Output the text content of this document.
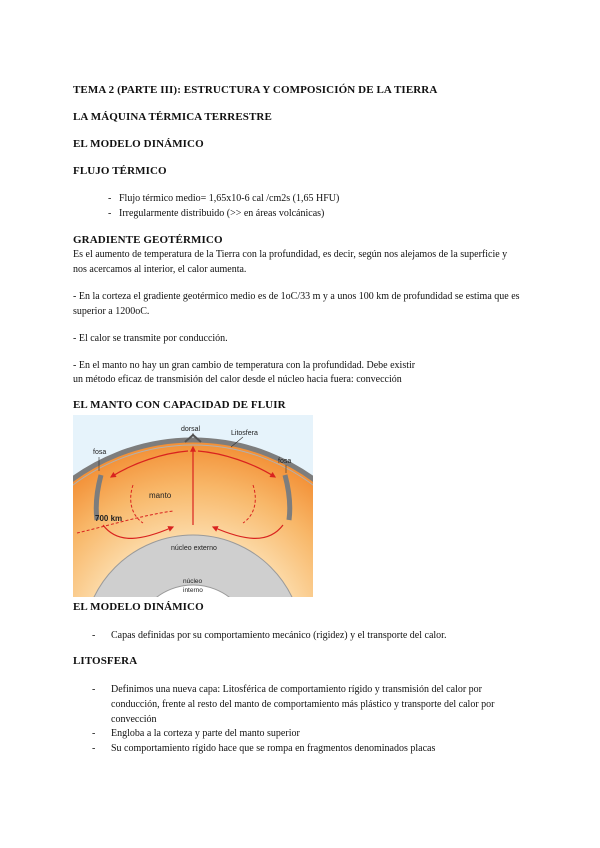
TEMA 2 (PARTE III): ESTRUCTURA Y COMPOSICIÓN DE LA TIERRA
LA MÁQUINA TÉRMICA TERRESTRE
EL MODELO DINÁMICO
FLUJO TÉRMICO
- Flujo térmico medio= 1,65x10-6 cal /cm2s (1,65 HFU)
- Irregularmente distribuido (>> en áreas volcánicas)
GRADIENTE GEOTÉRMICO
Es el aumento de temperatura de la Tierra con la profundidad, es decir, según nos alejamos de la superficie y nos acercamos al interior, el calor aumenta.
- En la corteza el gradiente geotérmico medio es de 1oC/33 m y a unos 100 km de profundidad se estima que es superior a 1200oC.
- El calor se transmite por conducción.
- En el manto no hay un gran cambio de temperatura con la profundidad. Debe existir
un método eficaz de transmisión del calor desde el núcleo hacia fuera: convección
EL MANTO CON CAPACIDAD DE FLUIR
dorsal
Litosfera
fosa
fosa
manto
700 km
núcleo externo
núcleo
interno
EL MODELO DINÁMICO
- Capas definidas por su comportamiento mecánico (rigidez) y el transporte del calor.
LITOSFERA
- Definimos una nueva capa: Litosférica de comportamiento rígido y transmisión del calor por conducción, frente al resto del manto de comportamiento más plástico y transporte del calor por convección
- Engloba a la corteza y parte del manto superior
- Su comportamiento rígido hace que se rompa en fragmentos denominados placas
